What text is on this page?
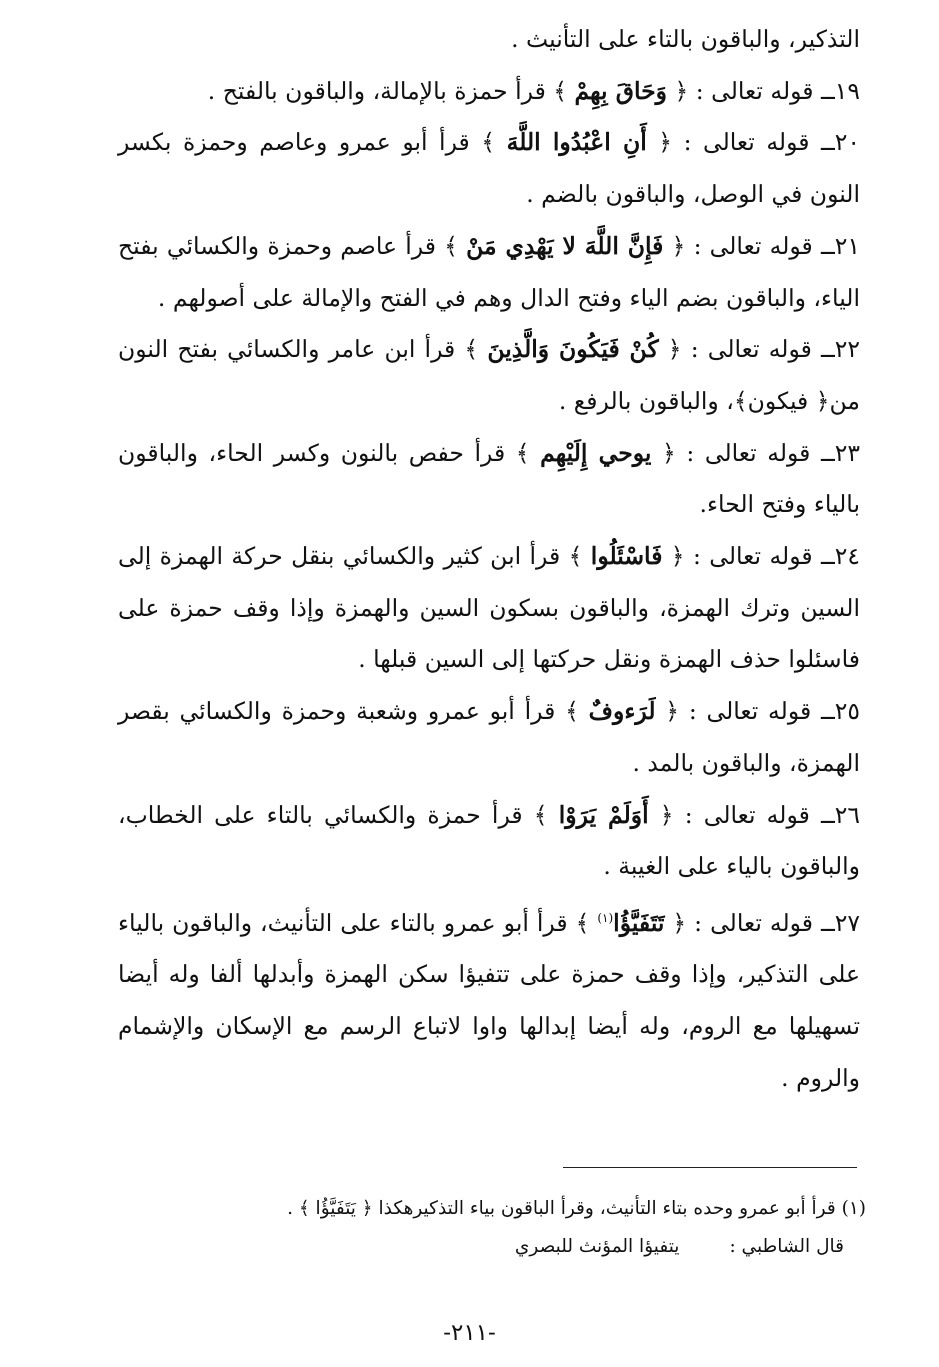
التذكير، والباقون بالتاء على التأنيث .

١٩ــ قوله تعالى : ﴿ وَحَاقَ بِهِمْ ﴾ قرأ حمزة بالإمالة، والباقون بالفتح .

٢٠ــ قوله تعالى : ﴿ أَنِ اعْبُدُوا اللَّهَ ﴾ قرأ أبو عمرو وعاصم وحمزة بكسر النون في الوصل، والباقون بالضم .

٢١ــ قوله تعالى : ﴿ فَإِنَّ اللَّهَ لا يَهْدِي مَنْ ﴾ قرأ عاصم وحمزة والكسائي بفتح الياء، والباقون بضم الياء وفتح الدال وهم في الفتح والإمالة على أصولهم .

٢٢ــ قوله تعالى : ﴿ كُنْ فَيَكُونَ وَالَّذِينَ ﴾ قرأ ابن عامر والكسائي بفتح النون من﴿ فيكون﴾، والباقون بالرفع .

٢٣ــ قوله تعالى : ﴿ يوحي إِلَيْهِم ﴾ قرأ حفص بالنون وكسر الحاء، والباقون بالياء وفتح الحاء.

٢٤ــ قوله تعالى : ﴿ فَاسْئَلُوا ﴾ قرأ ابن كثير والكسائي بنقل حركة الهمزة إلى السين وترك الهمزة، والباقون بسكون السين والهمزة وإذا وقف حمزة على فاسئلوا حذف الهمزة ونقل حركتها إلى السين قبلها .

٢٥ــ قوله تعالى : ﴿ لَرَءوفٌ ﴾ قرأ أبو عمرو وشعبة وحمزة والكسائي بقصر الهمزة، والباقون بالمد .

٢٦ــ قوله تعالى : ﴿ أَوَلَمْ يَرَوْا ﴾ قرأ حمزة والكسائي بالتاء على الخطاب، والباقون بالياء على الغيبة .

٢٧ــ قوله تعالى : ﴿ تَتَفَيَّؤُا$^{(١)}$ ﴾ قرأ أبو عمرو بالتاء على التأنيث، والباقون بالياء على التذكير، وإذا وقف حمزة على تتفيؤا سكن الهمزة وأبدلها ألفا وله أيضا تسهيلها مع الروم، وله أيضا إبدالها واوا لاتباع الرسم مع الإسكان والإشمام والروم .

(١) قرأ أبو عمرو وحده بتاء التأنيث، وقرأ الباقون بياء التذكيرهكذا ﴿ يَتَفَيَّؤُا ﴾ .

قال الشاطبي :يتفيؤا المؤنث للبصري

-٢١١-
